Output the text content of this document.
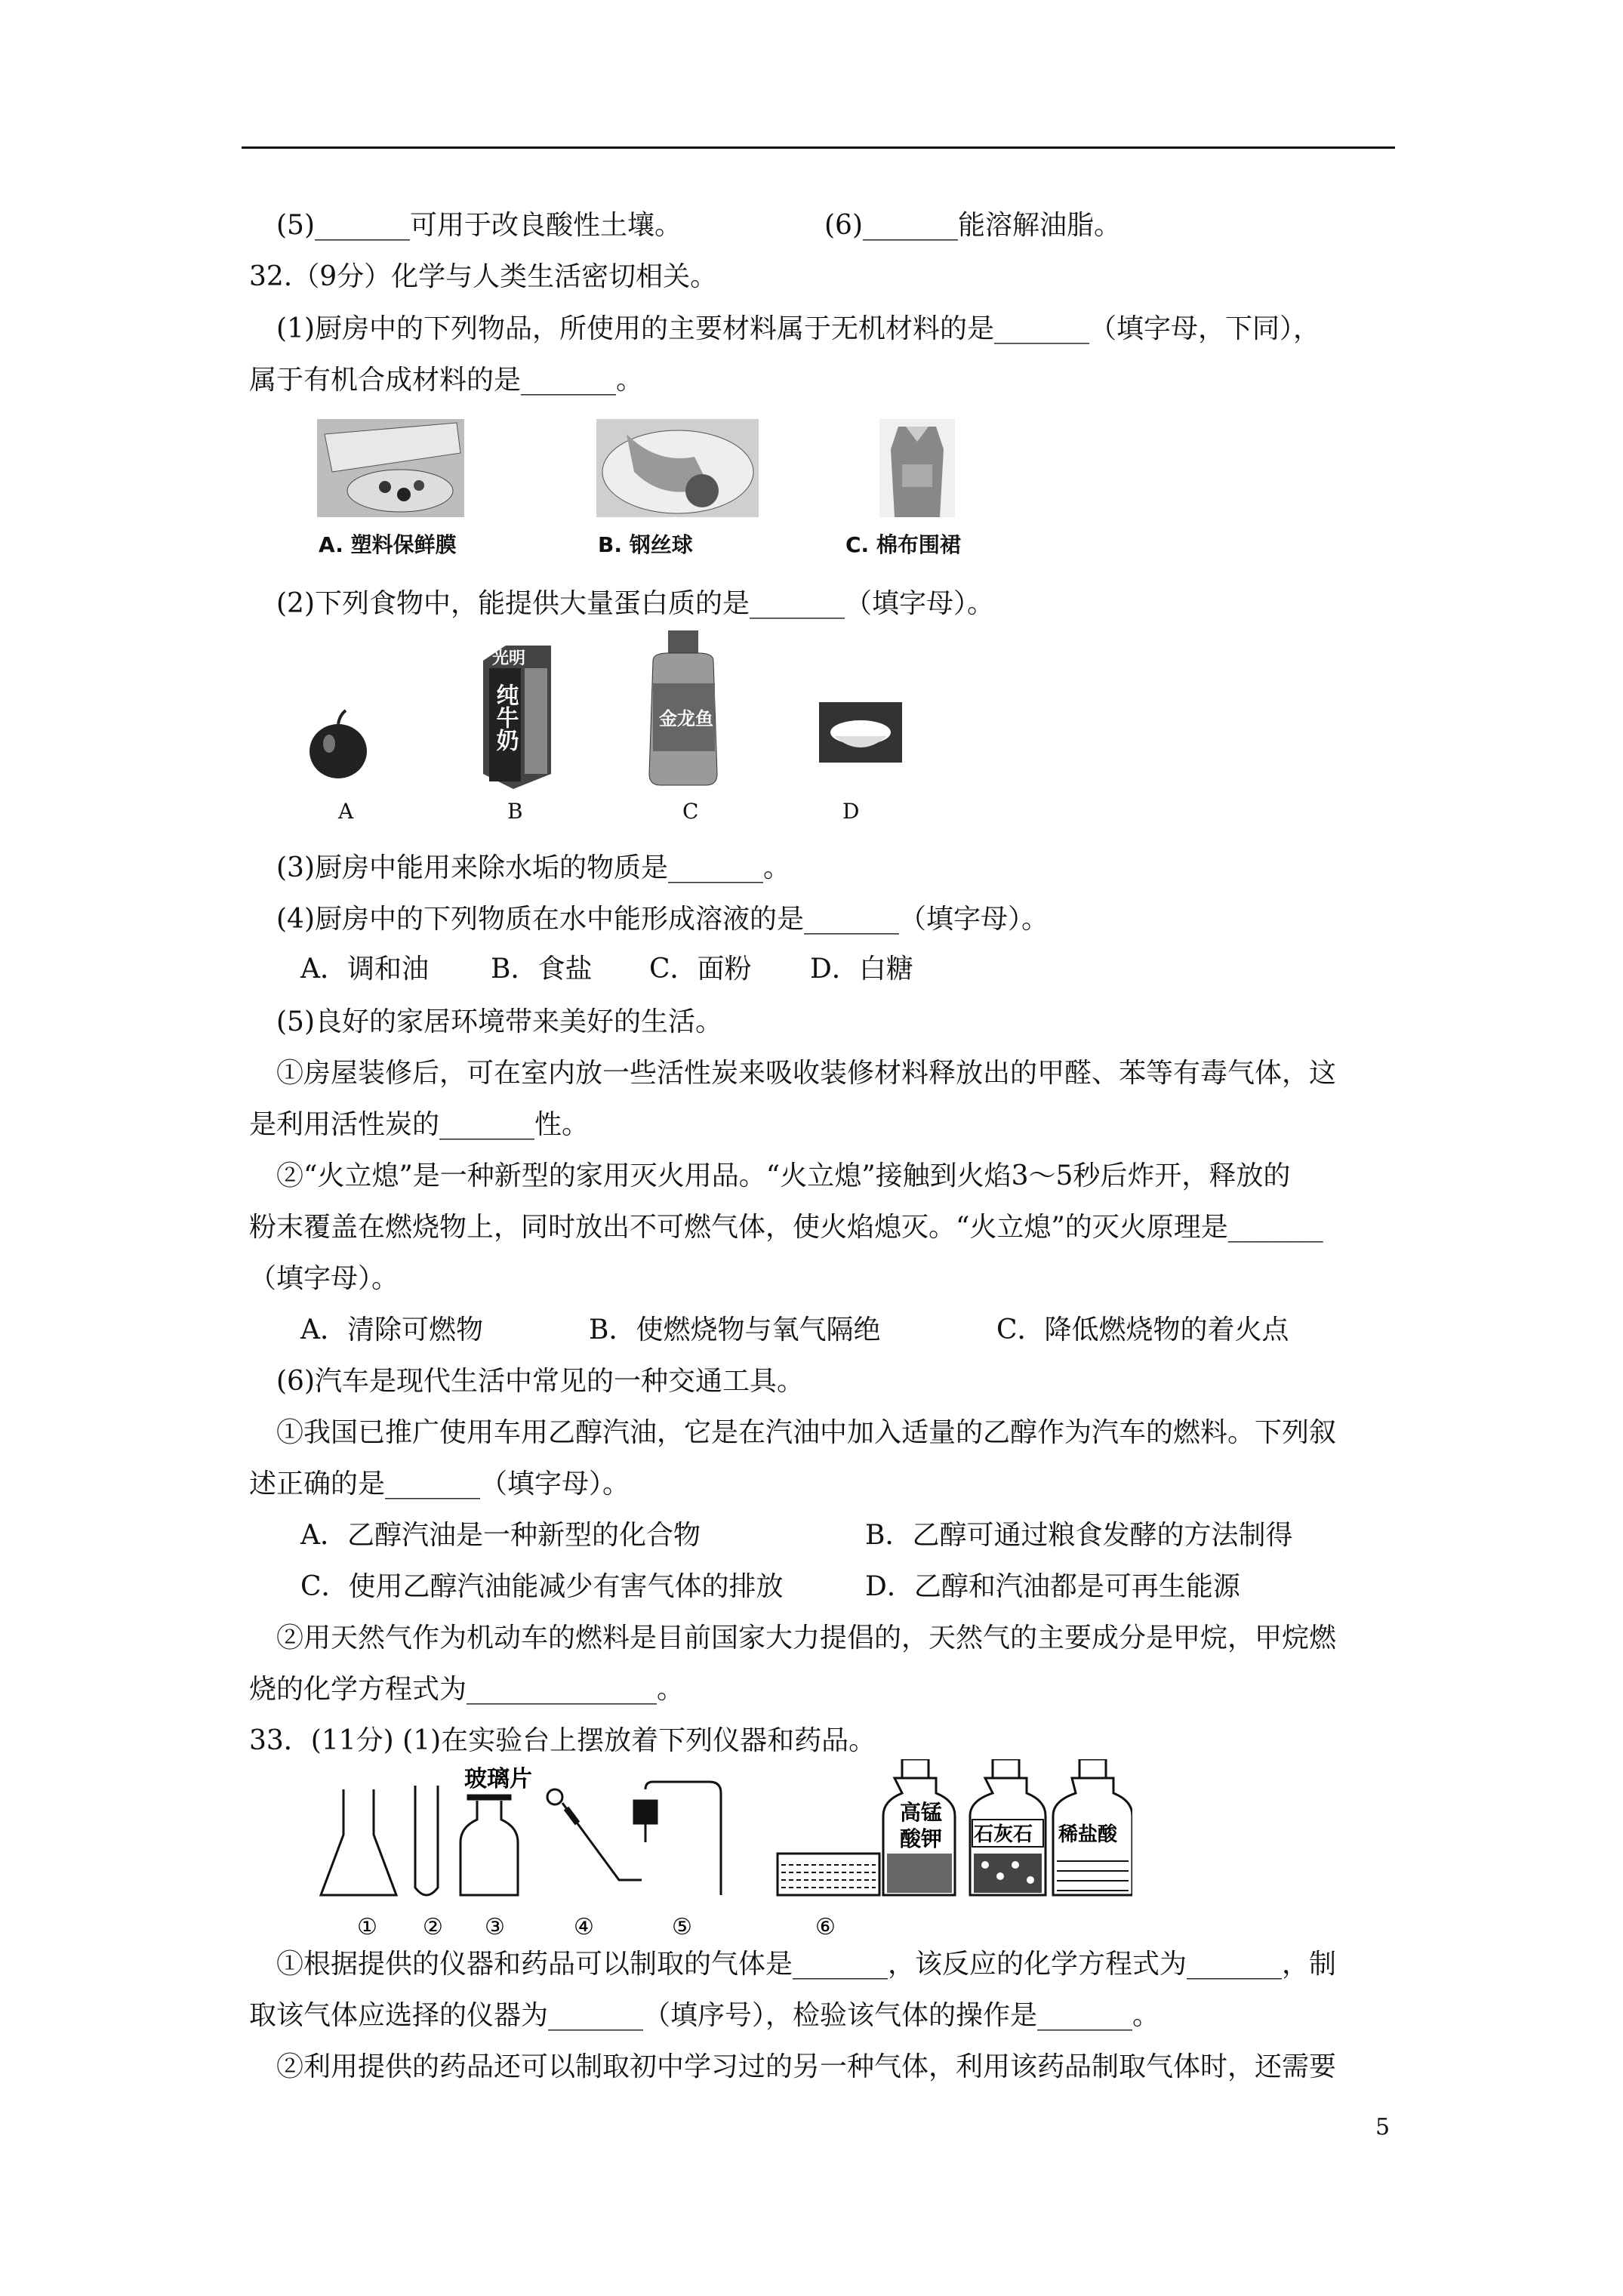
(5)_______可用于改良酸性土壤。	(6)_______能溶解油脂。
32.（9分）化学与人类生活密切相关。
(1)厨房中的下列物品，所使用的主要材料属于无机材料的是_______（填字母，下同），
属于有机合成材料的是_______。
A. 塑料保鲜膜	B. 钢丝球	C. 棉布围裙
(2)下列食物中，能提供大量蛋白质的是_______（填字母）。
光明
纯牛奶	金龙鱼
A	B	C	D
(3)厨房中能用来除水垢的物质是_______。
(4)厨房中的下列物质在水中能形成溶液的是_______（填字母）。
A．调和油 B．食盐 C．面粉 D．白糖
(5)良好的家居环境带来美好的生活。
①房屋装修后，可在室内放一些活性炭来吸收装修材料释放出的甲醛、苯等有毒气体，这
是利用活性炭的_______性。
②“火立熄”是一种新型的家用灭火用品。“火立熄”接触到火焰3～5秒后炸开，释放的
粉末覆盖在燃烧物上，同时放出不可燃气体，使火焰熄灭。“火立熄”的灭火原理是_______
（填字母）。
A．清除可燃物	B．使燃烧物与氧气隔绝	C．降低燃烧物的着火点
(6)汽车是现代生活中常见的一种交通工具。
①我国已推广使用车用乙醇汽油，它是在汽油中加入适量的乙醇作为汽车的燃料。下列叙
述正确的是_______（填字母）。
A．乙醇汽油是一种新型的化合物	B．乙醇可通过粮食发酵的方法制得
C．使用乙醇汽油能减少有害气体的排放	D．乙醇和汽油都是可再生能源
②用天然气作为机动车的燃料是目前国家大力提倡的，天然气的主要成分是甲烷，甲烷燃
烧的化学方程式为______________。
33．(11分) (1)在实验台上摆放着下列仪器和药品。
玻璃片
高锰
酸钾 石灰石 稀盐酸
① ② ③	④	⑤	⑥
①根据提供的仪器和药品可以制取的气体是_______，该反应的化学方程式为_______，制
取该气体应选择的仪器为_______（填序号），检验该气体的操作是_______。
②利用提供的药品还可以制取初中学习过的另一种气体，利用该药品制取气体时，还需要
5
